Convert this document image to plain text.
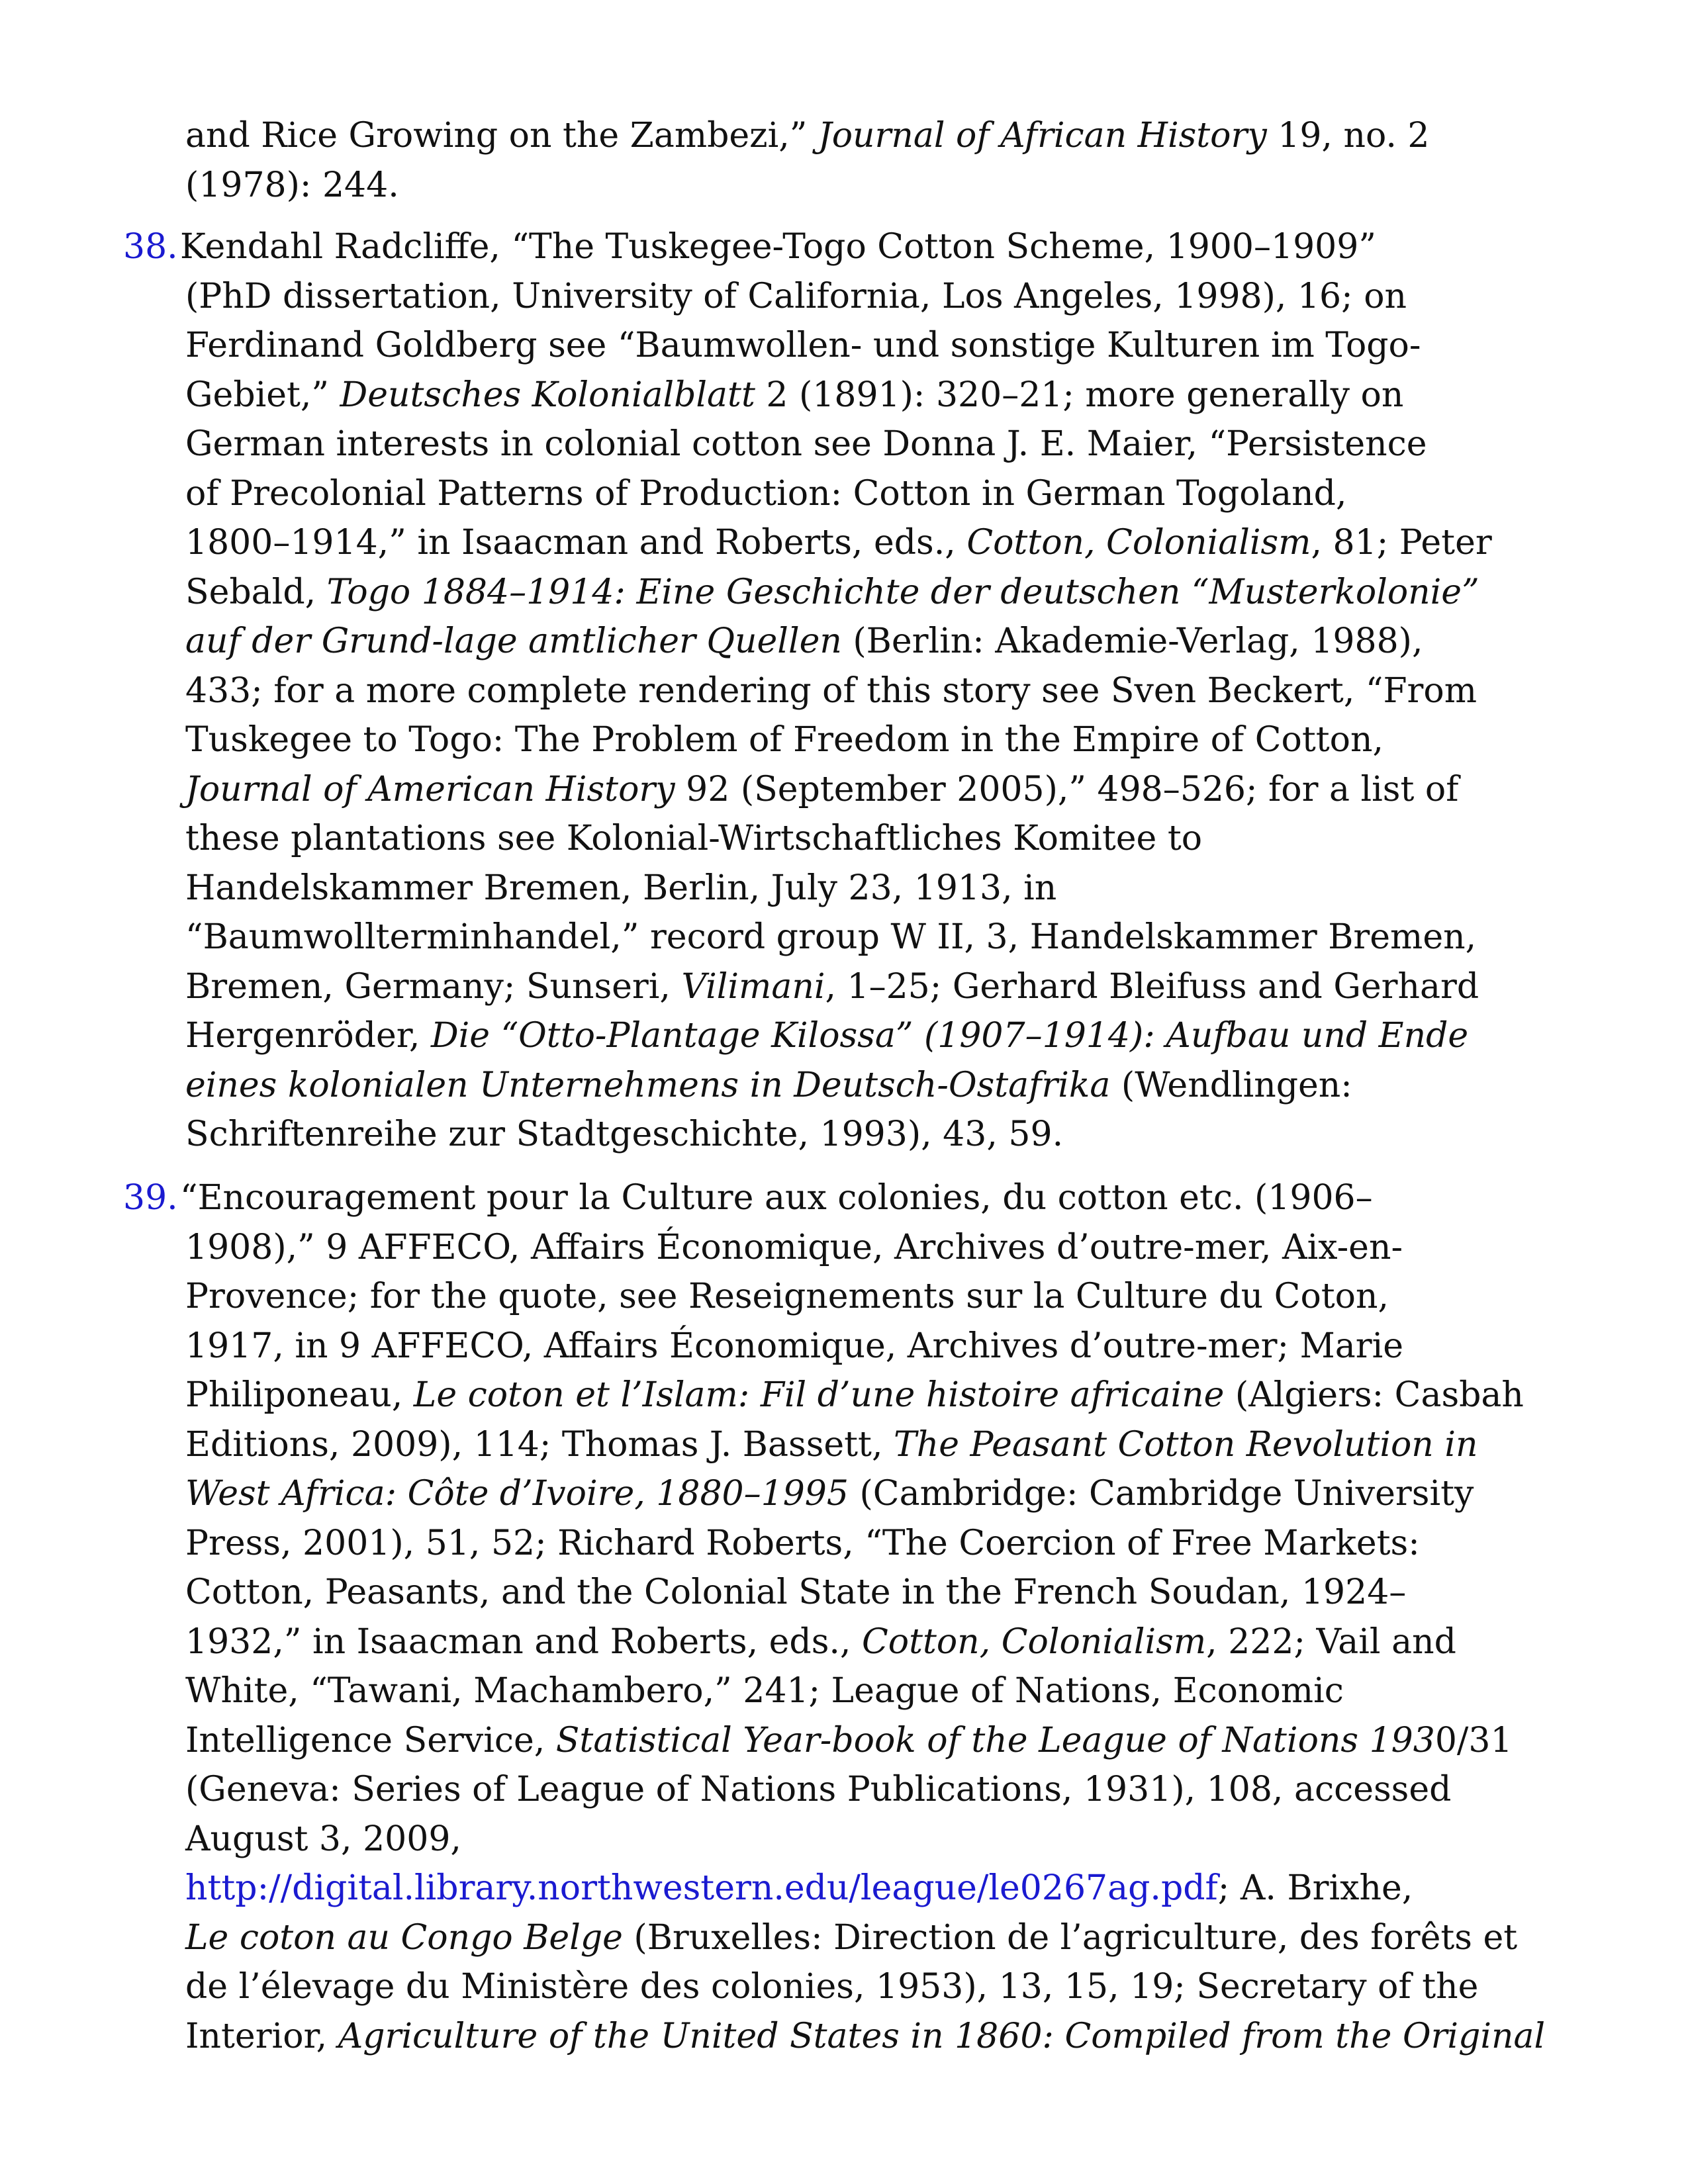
and Rice Growing on the Zambezi,” Journal of African History 19, no. 2
(1978): 244.
38. Kendahl Radcliffe, “The Tuskegee-Togo Cotton Scheme, 1900–1909”
(PhD dissertation, University of California, Los Angeles, 1998), 16; on
Ferdinand Goldberg see “Baumwollen- und sonstige Kulturen im Togo-
Gebiet,” Deutsches Kolonialblatt 2 (1891): 320–21; more generally on
German interests in colonial cotton see Donna J. E. Maier, “Persistence
of Precolonial Patterns of Production: Cotton in German Togoland,
1800–1914,” in Isaacman and Roberts, eds., Cotton, Colonialism, 81; Peter
Sebald, Togo 1884–1914: Eine Geschichte der deutschen “Musterkolonie”
auf der Grund-lage amtlicher Quellen (Berlin: Akademie-Verlag, 1988),
433; for a more complete rendering of this story see Sven Beckert, “From
Tuskegee to Togo: The Problem of Freedom in the Empire of Cotton,
Journal of American History 92 (September 2005),” 498–526; for a list of
these plantations see Kolonial-Wirtschaftliches Komitee to
Handelskammer Bremen, Berlin, July 23, 1913, in
“Baumwollterminhandel,” record group W II, 3, Handelskammer Bremen,
Bremen, Germany; Sunseri, Vilimani, 1–25; Gerhard Bleifuss and Gerhard
Hergenröder, Die “Otto-Plantage Kilossa” (1907–1914): Aufbau und Ende
eines kolonialen Unternehmens in Deutsch-Ostafrika (Wendlingen:
Schriftenreihe zur Stadtgeschichte, 1993), 43, 59.
39. “Encouragement pour la Culture aux colonies, du cotton etc. (1906–
1908),” 9 AFFECO, Affairs Économique, Archives d’outre-mer, Aix-en-
Provence; for the quote, see Reseignements sur la Culture du Coton,
1917, in 9 AFFECO, Affairs Économique, Archives d’outre-mer; Marie
Philiponeau, Le coton et l’Islam: Fil d’une histoire africaine (Algiers: Casbah
Editions, 2009), 114; Thomas J. Bassett, The Peasant Cotton Revolution in
West Africa: Côte d’Ivoire, 1880–1995 (Cambridge: Cambridge University
Press, 2001), 51, 52; Richard Roberts, “The Coercion of Free Markets:
Cotton, Peasants, and the Colonial State in the French Soudan, 1924–
1932,” in Isaacman and Roberts, eds., Cotton, Colonialism, 222; Vail and
White, “Tawani, Machambero,” 241; League of Nations, Economic
Intelligence Service, Statistical Year-book of the League of Nations 1930/31
(Geneva: Series of League of Nations Publications, 1931), 108, accessed
August 3, 2009,
http://digital.library.northwestern.edu/league/le0267ag.pdf; A. Brixhe,
Le coton au Congo Belge (Bruxelles: Direction de l’agriculture, des forêts et
de l’élevage du Ministère des colonies, 1953), 13, 15, 19; Secretary of the
Interior, Agriculture of the United States in 1860: Compiled from the Original
